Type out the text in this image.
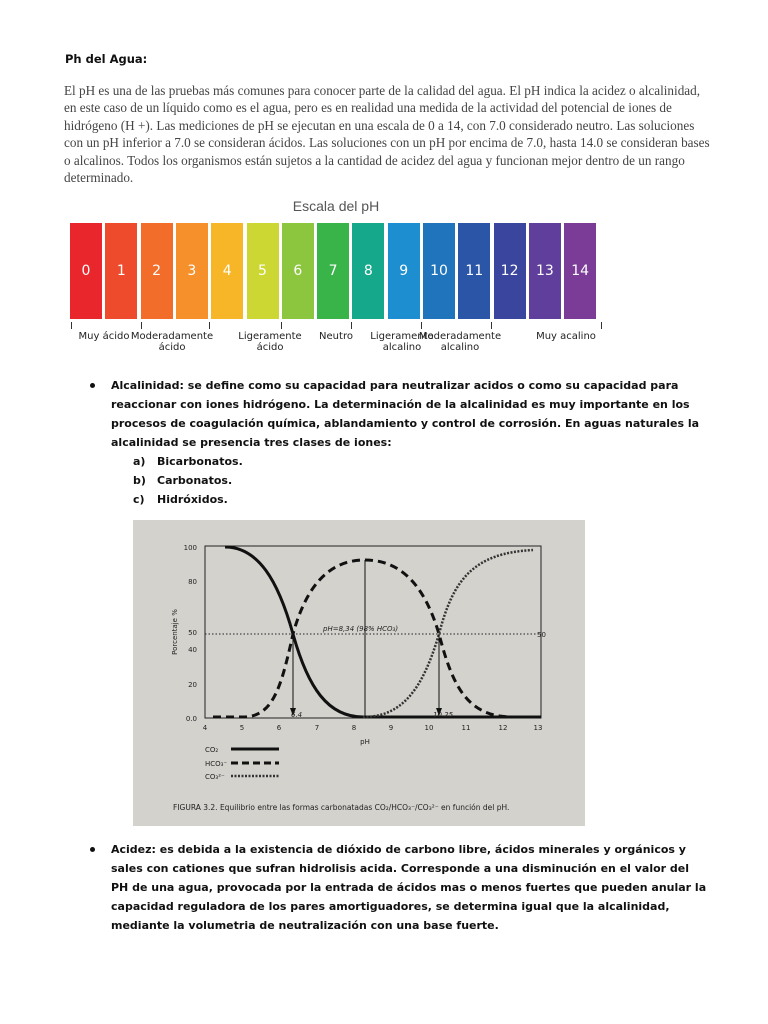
Ph del Agua:

El pH es una de las pruebas más comunes para conocer parte de la calidad del agua. El pH indica la acidez o alcalinidad, en este caso de un líquido como es el agua, pero es en realidad una medida de la actividad del potencial de iones de hidrógeno (H +). Las mediciones de pH se ejecutan en una escala de 0 a 14, con 7.0 considerado neutro. Las soluciones con un pH inferior a 7.0 se consideran ácidos. Las soluciones con un pH por encima de 7.0, hasta 14.0 se consideran bases o alcalinos. Todos los organismos están sujetos a la cantidad de acidez del agua y funcionan mejor dentro de un rango determinado.

Escala del pH
0	1	2	3	4	5	6	7	8	9	10	11	12	13	14
Muy ácido Moderadamente
ácido
Ligeramente
ácido
Neutro	Ligeramente
alcalino
Moderadamente
alcalino
Muy acalino

Alcalinidad: se define como su capacidad para neutralizar acidos o como su capacidad para reaccionar con iones hidrógeno. La determinación de la alcalinidad es muy importante en los procesos de coagulación química, ablandamiento y control de corrosión. En aguas naturales la alcalinidad se presencia tres clases de iones:

a) Bicarbonatos.
b) Carbonatos.
c) Hidróxidos.
100
80
50
40
20
0.0
Porcentaje %
4	5	6	7	8	9	10	11	12	13
pH
50
pH=8,34 (98% HCO₃)
6.4	10.25
CO₂
HCO₃⁻
CO₃²⁻
FIGURA 3.2. Equilibrio entre las formas carbonatadas CO₂/HCO₃⁻/CO₃²⁻ en función del pH.

Acidez: es debida a la existencia de dióxido de carbono libre, ácidos minerales y orgánicos y sales con cationes que sufran hidrolisis acida. Corresponde a una disminución en el valor del PH de una agua, provocada por la entrada de ácidos mas o menos fuertes que pueden anular la capacidad reguladora de los pares amortiguadores, se determina igual que la alcalinidad, mediante la volumetria de neutralización con una base fuerte.
